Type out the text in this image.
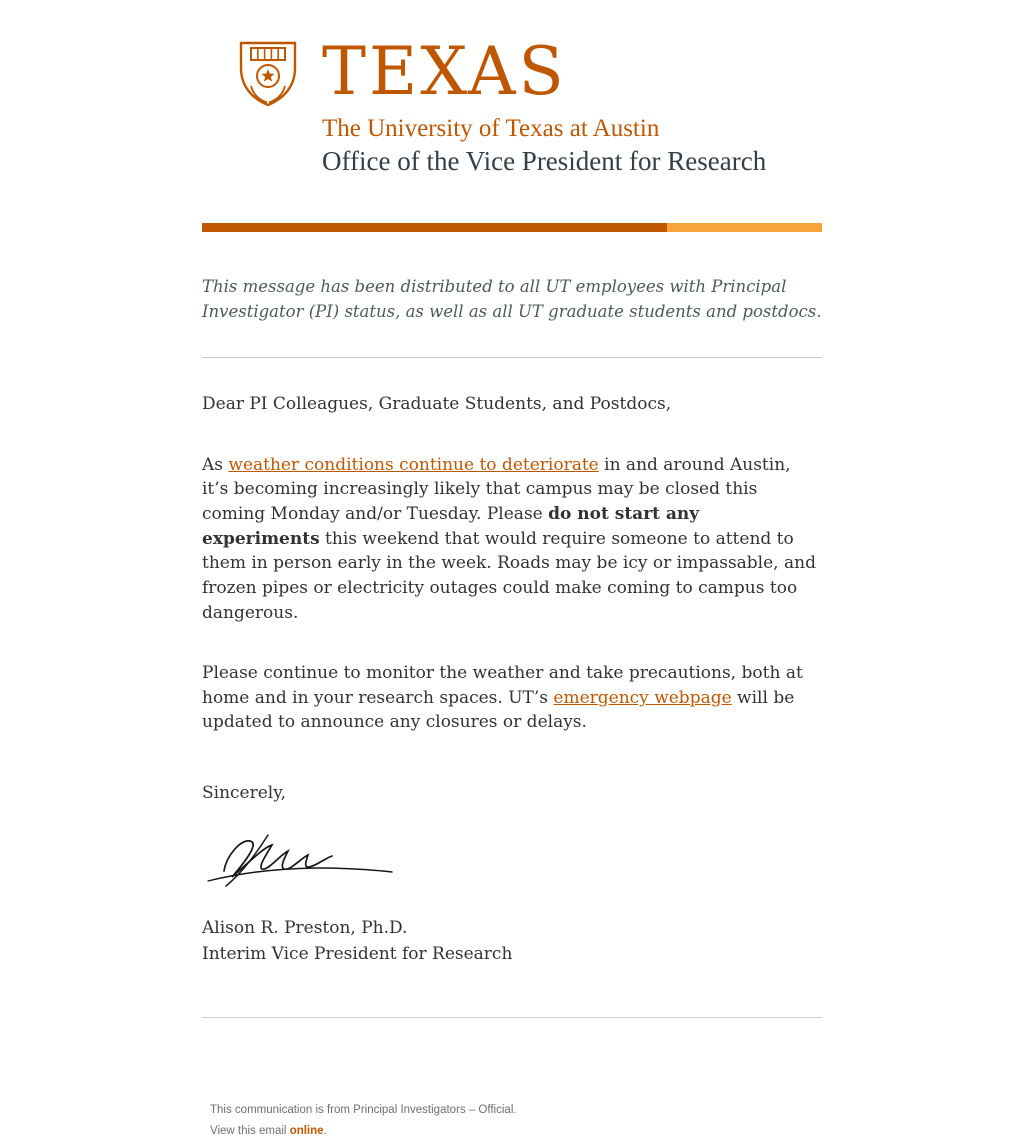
TEXAS
The University of Texas at Austin
Office of the Vice President for Research
This message has been distributed to all UT employees with Principal Investigator (PI) status, as well as all UT graduate students and postdocs.
Dear PI Colleagues, Graduate Students, and Postdocs,
As weather conditions continue to deteriorate in and around Austin, it’s becoming increasingly likely that campus may be closed this coming Monday and/or Tuesday. Please do not start any experiments this weekend that would require someone to attend to them in person early in the week. Roads may be icy or impassable, and frozen pipes or electricity outages could make coming to campus too dangerous.
Please continue to monitor the weather and take precautions, both at home and in your research spaces. UT’s emergency webpage will be updated to announce any closures or delays.
Sincerely,
Alison R. Preston, Ph.D.
Interim Vice President for Research
This communication is from Principal Investigators – Official.
View this email online.
